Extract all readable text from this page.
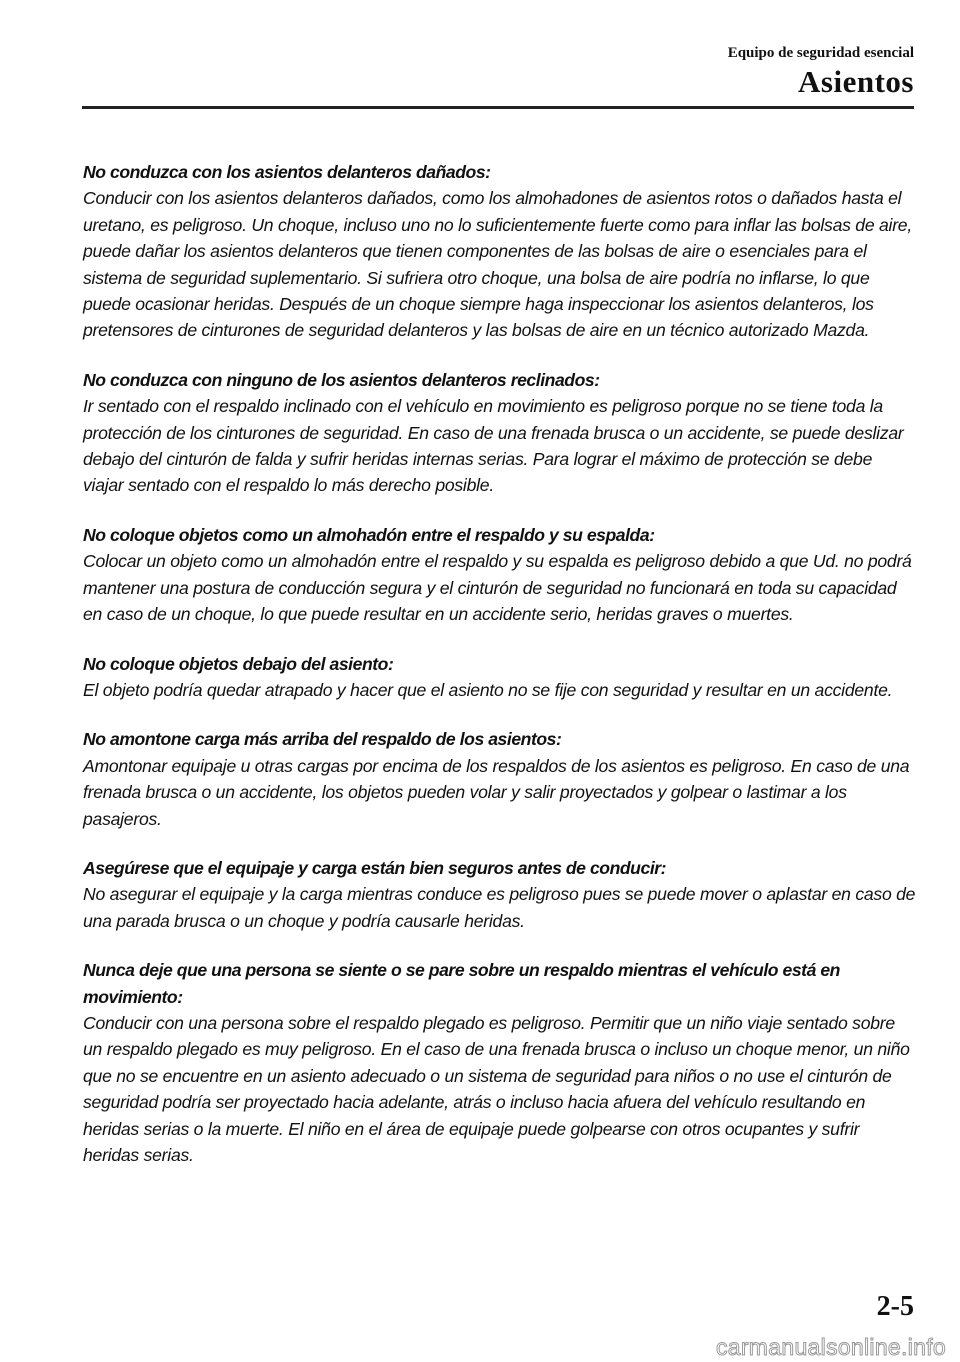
Equipo de seguridad esencial
Asientos
No conduzca con los asientos delanteros dañados:
Conducir con los asientos delanteros dañados, como los almohadones de asientos rotos o dañados hasta el uretano, es peligroso. Un choque, incluso uno no lo suficientemente fuerte como para inflar las bolsas de aire, puede dañar los asientos delanteros que tienen componentes de las bolsas de aire o esenciales para el sistema de seguridad suplementario. Si sufriera otro choque, una bolsa de aire podría no inflarse, lo que puede ocasionar heridas. Después de un choque siempre haga inspeccionar los asientos delanteros, los pretensores de cinturones de seguridad delanteros y las bolsas de aire en un técnico autorizado Mazda.
No conduzca con ninguno de los asientos delanteros reclinados:
Ir sentado con el respaldo inclinado con el vehículo en movimiento es peligroso porque no se tiene toda la protección de los cinturones de seguridad. En caso de una frenada brusca o un accidente, se puede deslizar debajo del cinturón de falda y sufrir heridas internas serias. Para lograr el máximo de protección se debe viajar sentado con el respaldo lo más derecho posible.
No coloque objetos como un almohadón entre el respaldo y su espalda:
Colocar un objeto como un almohadón entre el respaldo y su espalda es peligroso debido a que Ud. no podrá mantener una postura de conducción segura y el cinturón de seguridad no funcionará en toda su capacidad en caso de un choque, lo que puede resultar en un accidente serio, heridas graves o muertes.
No coloque objetos debajo del asiento:
El objeto podría quedar atrapado y hacer que el asiento no se fije con seguridad y resultar en un accidente.
No amontone carga más arriba del respaldo de los asientos:
Amontonar equipaje u otras cargas por encima de los respaldos de los asientos es peligroso. En caso de una frenada brusca o un accidente, los objetos pueden volar y salir proyectados y golpear o lastimar a los pasajeros.
Asegúrese que el equipaje y carga están bien seguros antes de conducir:
No asegurar el equipaje y la carga mientras conduce es peligroso pues se puede mover o aplastar en caso de una parada brusca o un choque y podría causarle heridas.
Nunca deje que una persona se siente o se pare sobre un respaldo mientras el vehículo está en movimiento:
Conducir con una persona sobre el respaldo plegado es peligroso. Permitir que un niño viaje sentado sobre un respaldo plegado es muy peligroso. En el caso de una frenada brusca o incluso un choque menor, un niño que no se encuentre en un asiento adecuado o un sistema de seguridad para niños o no use el cinturón de seguridad podría ser proyectado hacia adelante, atrás o incluso hacia afuera del vehículo resultando en heridas serias o la muerte. El niño en el área de equipaje puede golpearse con otros ocupantes y sufrir heridas serias.
2-5
carmanualsonline.info
